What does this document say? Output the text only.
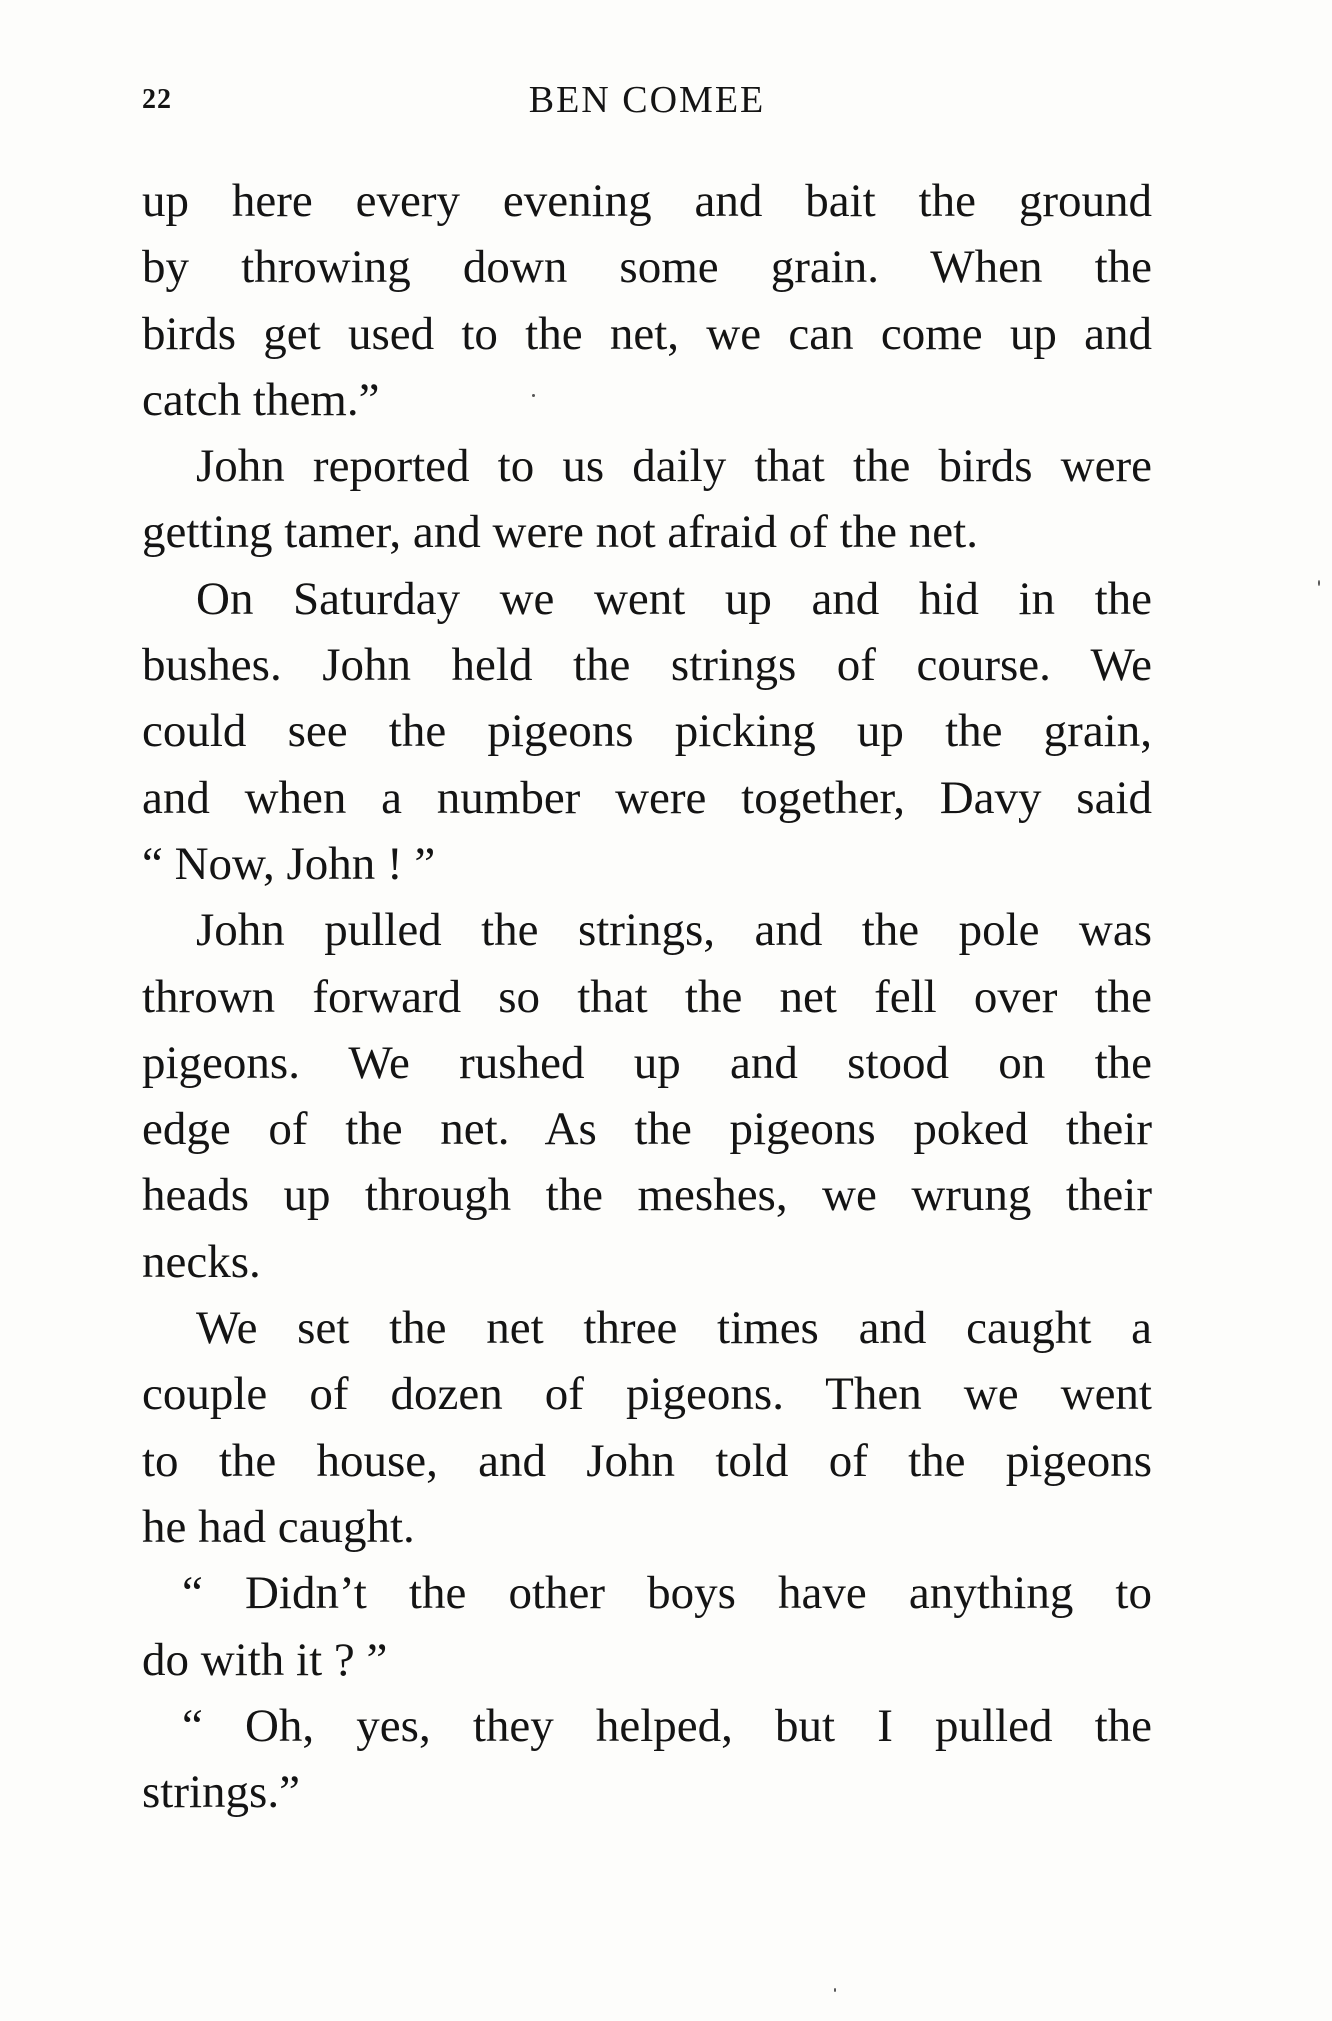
22	BEN COMEE
up here every evening and bait the ground
by throwing down some grain. When the
birds get used to the net, we can come up and
catch them.”
John reported to us daily that the birds were
getting tamer, and were not afraid of the net.
On Saturday we went up and hid in the
bushes. John held the strings of course. We
could see the pigeons picking up the grain,
and when a number were together, Davy said
“ Now, John ! ”
John pulled the strings, and the pole was
thrown forward so that the net fell over the
pigeons. We rushed up and stood on the
edge of the net. As the pigeons poked their
heads up through the meshes, we wrung their
necks.
We set the net three times and caught a
couple of dozen of pigeons. Then we went
to the house, and John told of the pigeons
he had caught.
“ Didn’t the other boys have anything to
do with it ? ”
“ Oh, yes, they helped, but I pulled the
strings.”
